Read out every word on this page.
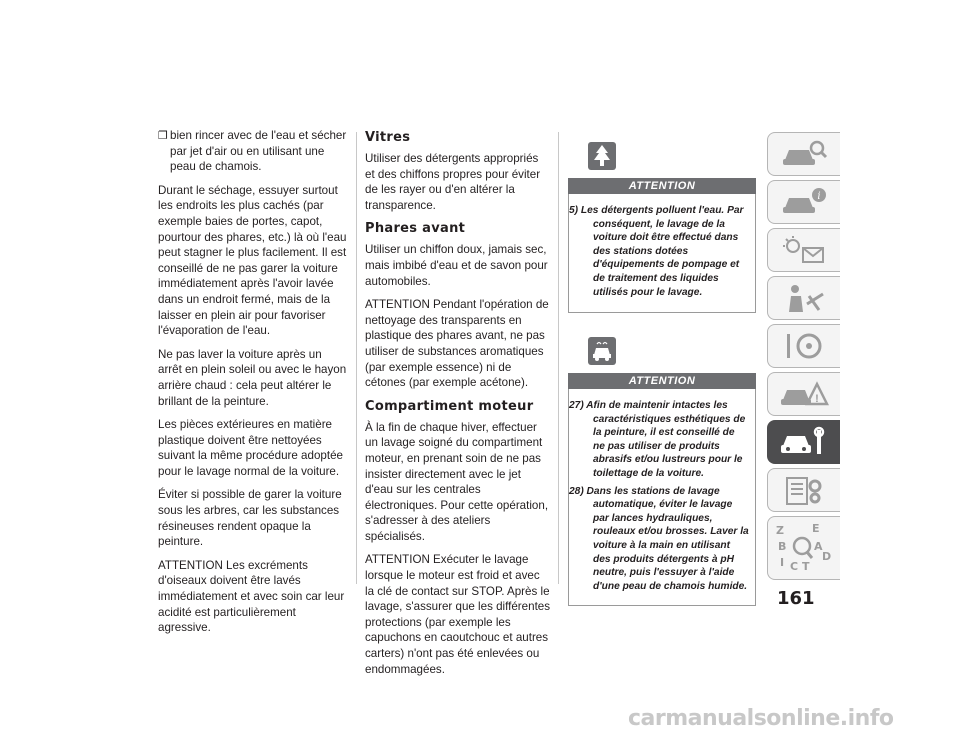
❐ bien rincer avec de l'eau et sécher par jet d'air ou en utilisant une peau de chamois.

Durant le séchage, essuyer surtout les endroits les plus cachés (par exemple baies de portes, capot, pourtour des phares, etc.) là où l'eau peut stagner le plus facilement. Il est conseillé de ne pas garer la voiture immédiatement après l'avoir lavée dans un endroit fermé, mais de la laisser en plein air pour favoriser l'évaporation de l'eau.

Ne pas laver la voiture après un arrêt en plein soleil ou avec le hayon arrière chaud : cela peut altérer le brillant de la peinture.

Les pièces extérieures en matière plastique doivent être nettoyées suivant la même procédure adoptée pour le lavage normal de la voiture.

Éviter si possible de garer la voiture sous les arbres, car les substances résineuses rendent opaque la peinture.

ATTENTION Les excréments d'oiseaux doivent être lavés immédiatement et avec soin car leur acidité est particulièrement agressive.

Vitres

Utiliser des détergents appropriés et des chiffons propres pour éviter de les rayer ou d'en altérer la transparence.

Phares avant

Utiliser un chiffon doux, jamais sec, mais imbibé d'eau et de savon pour automobiles.

ATTENTION Pendant l'opération de nettoyage des transparents en plastique des phares avant, ne pas utiliser de substances aromatiques (par exemple essence) ni de cétones (par exemple acétone).

Compartiment moteur

À la fin de chaque hiver, effectuer un lavage soigné du compartiment moteur, en prenant soin de ne pas insister directement avec le jet d'eau sur les centrales électroniques. Pour cette opération, s'adresser à des ateliers spécialisés.

ATTENTION Exécuter le lavage lorsque le moteur est froid et avec la clé de contact sur STOP. Après le lavage, s'assurer que les différentes protections (par exemple les capuchons en caoutchouc et autres carters) n'ont pas été enlevées ou endommagées.

ATTENTION

5) Les détergents polluent l'eau. Par conséquent, le lavage de la voiture doit être effectué dans des stations dotées d'équipements de pompage et de traitement des liquides utilisés pour le lavage.

ATTENTION

27) Afin de maintenir intactes les caractéristiques esthétiques de la peinture, il est conseillé de ne pas utiliser de produits abrasifs et/ou lustreurs pour le toilettage de la voiture.

28) Dans les stations de lavage automatique, éviter le lavage par lances hydrauliques, rouleaux et/ou brosses. Laver la voiture à la main en utilisant des produits détergents à pH neutre, puis l'essuyer à l'aide d'une peau de chamois humide.

i
!
Z	E
B	A
I C T
D
161
carmanualsonline.info
